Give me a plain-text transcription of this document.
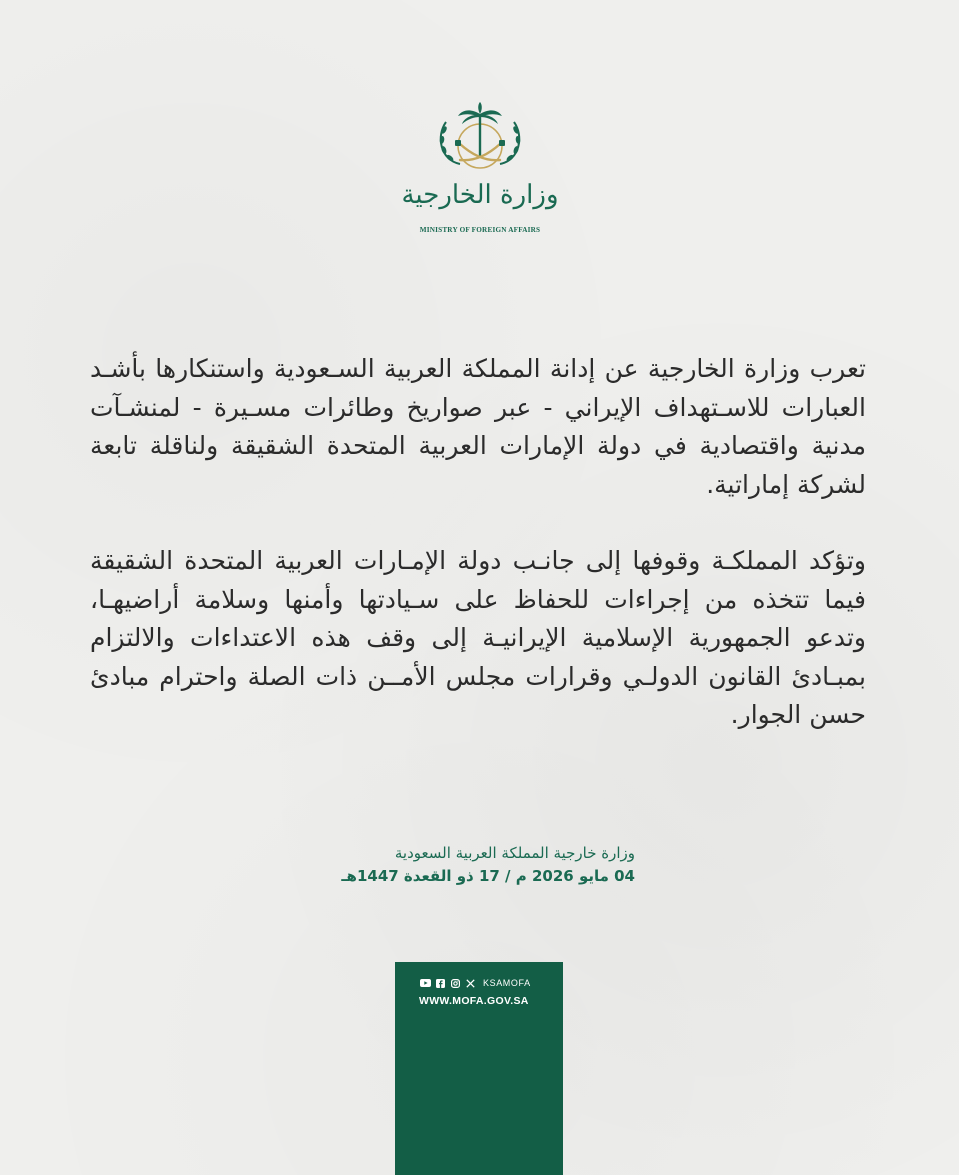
وزارة الخارجية
MINISTRY OF FOREIGN AFFAIRS

تعرب وزارة الخارجية عن إدانة المملكة العربية السـعودية واستنكارها بأشـد العبارات للاسـتهداف الإيراني - عبر صواريخ وطائرات مسـيرة - لمنشـآت مدنية واقتصادية في دولة الإمارات العربية المتحدة الشقيقة ولناقلة تابعة لشركة إماراتية.

وتؤكد المملكـة وقوفها إلى جانـب دولة الإمـارات العربية المتحدة الشقيقة فيما تتخذه من إجراءات للحفاظ على سـيادتها وأمنها وسلامة أراضيهـا، وتدعو الجمهورية الإسلامية الإيرانيـة إلى وقف هذه الاعتداءات والالتزام بمبـادئ القانون الدولـي وقرارات مجلس الأمــن ذات الصلة واحترام مبادئ حسن الجوار.

وزارة خارجية المملكة العربية السعودية
04 مايو 2026 م / 17 ذو القعدة 1447هـ
KSAMOFA
WWW.MOFA.GOV.SA
